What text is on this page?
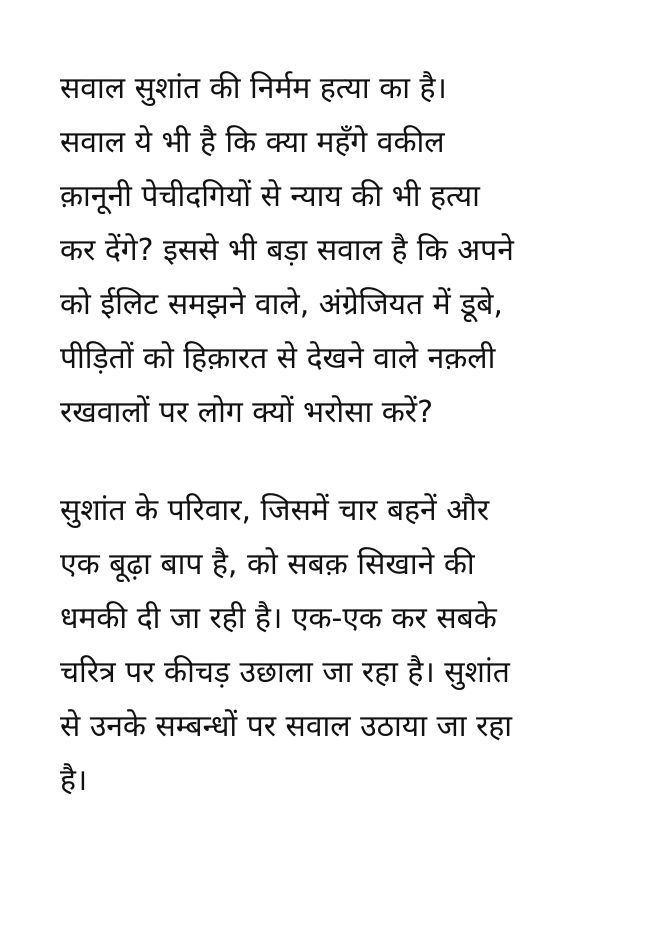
सवाल सुशांत की निर्मम हत्या का है।
सवाल ये भी है कि क्या महँगे वकील
क़ानूनी पेचीदगियों से न्याय की भी हत्या
कर देंगे? इससे भी बड़ा सवाल है कि अपने
को ईलिट समझने वाले, अंग्रेजियत में डूबे,
पीड़ितों को हिक़ारत से देखने वाले नक़ली
रखवालों पर लोग क्यों भरोसा करें?

सुशांत के परिवार, जिसमें चार बहनें और
एक बूढ़ा बाप है, को सबक़ सिखाने की
धमकी दी जा रही है। एक-एक कर सबके
चरित्र पर कीचड़ उछाला जा रहा है। सुशांत
से उनके सम्बन्धों पर सवाल उठाया जा रहा
है।
